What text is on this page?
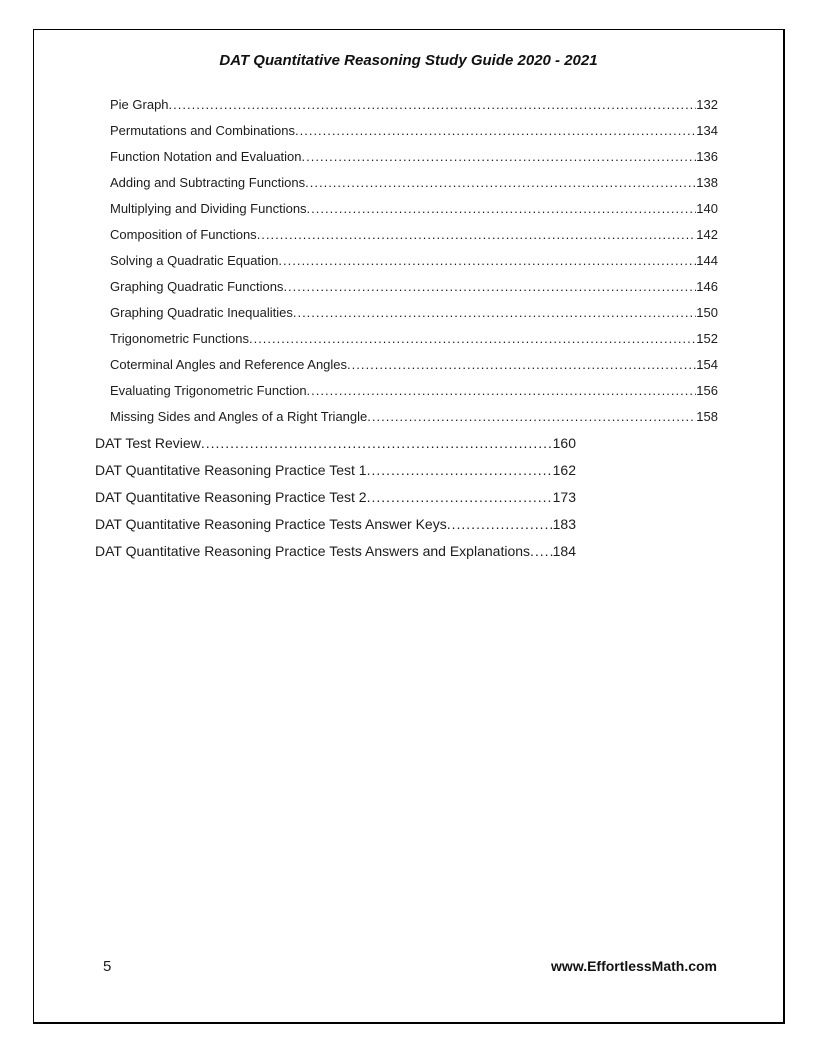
DAT Quantitative Reasoning Study Guide 2020 - 2021
Pie Graph .....	132
Permutations and Combinations .....	134
Function Notation and Evaluation .....	136
Adding and Subtracting Functions .....	138
Multiplying and Dividing Functions .....	140
Composition of Functions .....	142
Solving a Quadratic Equation .....	144
Graphing Quadratic Functions .....	146
Graphing Quadratic Inequalities .....	150
Trigonometric Functions .....	152
Coterminal Angles and Reference Angles .....	154
Evaluating Trigonometric Function .....	156
Missing Sides and Angles of a Right Triangle .....	158
DAT Test Review .....	160
DAT Quantitative Reasoning Practice Test 1 .....	162
DAT Quantitative Reasoning Practice Test 2 .....	173
DAT Quantitative Reasoning Practice Tests Answer Keys .....	183
DAT Quantitative Reasoning Practice Tests Answers and Explanations ..... 184
5	www.EffortlessMath.com
